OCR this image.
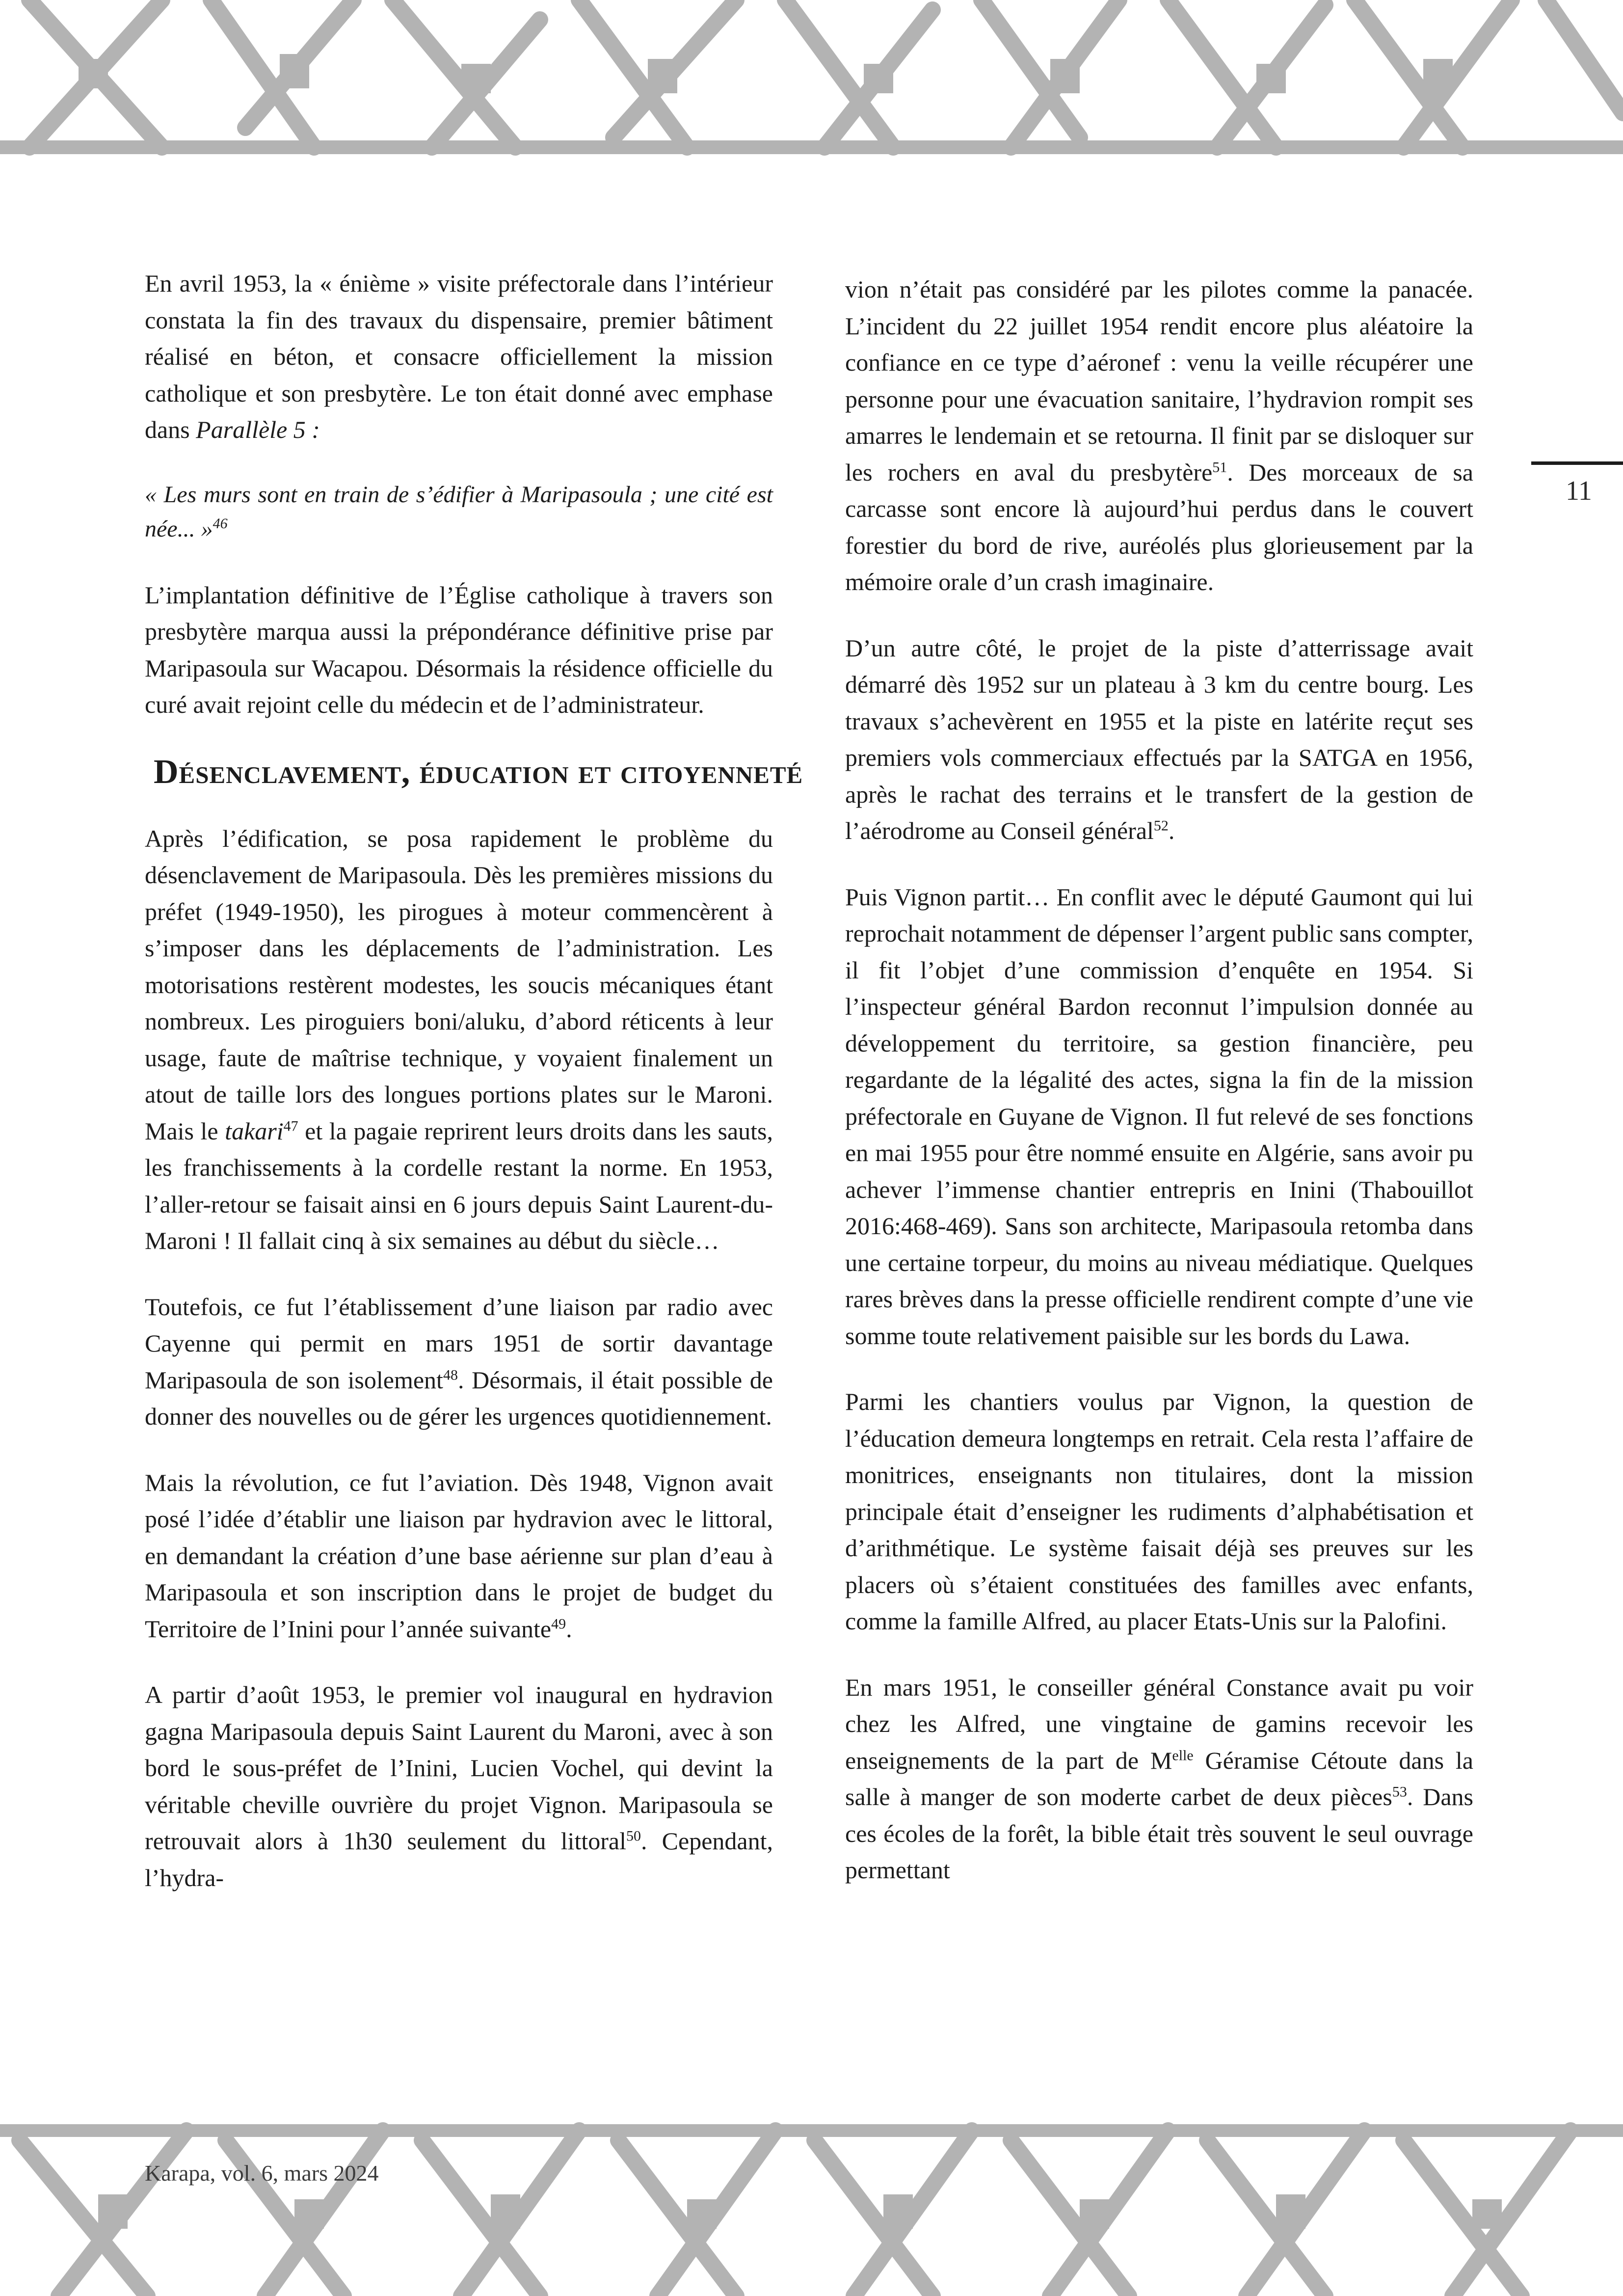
11

En avril 1953, la « énième » visite préfectorale dans l’intérieur constata la fin des travaux du dispensaire, premier bâtiment réalisé en béton, et consacre officiellement la mission catholique et son presbytère. Le ton était donné avec emphase dans Parallèle 5 :

« Les murs sont en train de s’édifier à Maripasoula ; une cité est née... »$^{46}$

L’implantation définitive de l’Église catholique à travers son presbytère marqua aussi la prépondérance définitive prise par Maripasoula sur Wacapou. Désormais la résidence officielle du curé avait rejoint celle du médecin et de l’administrateur.

Désenclavement, éducation et citoyenneté

Après l’édification, se posa rapidement le problème du désenclavement de Maripasoula. Dès les premières missions du préfet (1949-1950), les pirogues à moteur commencèrent à s’imposer dans les déplacements de l’administration. Les motorisations restèrent modestes, les soucis mécaniques étant nombreux. Les piroguiers boni/aluku, d’abord réticents à leur usage, faute de maîtrise technique, y voyaient finalement un atout de taille lors des longues portions plates sur le Maroni. Mais le takari$^{47}$ et la pagaie reprirent leurs droits dans les sauts, les franchissements à la cordelle restant la norme. En 1953, l’aller-retour se faisait ainsi en 6 jours depuis Saint Laurent-du-Maroni ! Il fallait cinq à six semaines au début du siècle…

Toutefois, ce fut l’établissement d’une liaison par radio avec Cayenne qui permit en mars 1951 de sortir davantage Maripasoula de son isolement$^{48}$. Désormais, il était possible de donner des nouvelles ou de gérer les urgences quotidiennement.

Mais la révolution, ce fut l’aviation. Dès 1948, Vignon avait posé l’idée d’établir une liaison par hydravion avec le littoral, en demandant la création d’une base aérienne sur plan d’eau à Maripasoula et son inscription dans le projet de budget du Territoire de l’Inini pour l’année suivante$^{49}$.

A partir d’août 1953, le premier vol inaugural en hydravion gagna Maripasoula depuis Saint Laurent du Maroni, avec à son bord le sous-préfet de l’Inini, Lucien Vochel, qui devint la véritable cheville ouvrière du projet Vignon. Maripasoula se retrouvait alors à 1h30 seulement du littoral$^{50}$. Cependant, l’hydra-

vion n’était pas considéré par les pilotes comme la panacée. L’incident du 22 juillet 1954 rendit encore plus aléatoire la confiance en ce type d’aéronef : venu la veille récupérer une personne pour une évacuation sanitaire, l’hydravion rompit ses amarres le lendemain et se retourna. Il finit par se disloquer sur les rochers en aval du presbytère$^{51}$. Des morceaux de sa carcasse sont encore là aujourd’hui perdus dans le couvert forestier du bord de rive, auréolés plus glorieusement par la mémoire orale d’un crash imaginaire.

D’un autre côté, le projet de la piste d’atterrissage avait démarré dès 1952 sur un plateau à 3 km du centre bourg. Les travaux s’achevèrent en 1955 et la piste en latérite reçut ses premiers vols commerciaux effectués par la SATGA en 1956, après le rachat des terrains et le transfert de la gestion de l’aérodrome au Conseil général$^{52}$.

Puis Vignon partit… En conflit avec le député Gaumont qui lui reprochait notamment de dépenser l’argent public sans compter, il fit l’objet d’une commission d’enquête en 1954. Si l’inspecteur général Bardon reconnut l’impulsion donnée au développement du territoire, sa gestion financière, peu regardante de la légalité des actes, signa la fin de la mission préfectorale en Guyane de Vignon. Il fut relevé de ses fonctions en mai 1955 pour être nommé ensuite en Algérie, sans avoir pu achever l’immense chantier entrepris en Inini (Thabouillot 2016:468-469). Sans son architecte, Maripasoula retomba dans une certaine torpeur, du moins au niveau médiatique. Quelques rares brèves dans la presse officielle rendirent compte d’une vie somme toute relativement paisible sur les bords du Lawa.

Parmi les chantiers voulus par Vignon, la question de l’éducation demeura longtemps en retrait. Cela resta l’affaire de monitrices, enseignants non titulaires, dont la mission principale était d’enseigner les rudiments d’alphabétisation et d’arithmétique. Le système faisait déjà ses preuves sur les placers où s’étaient constituées des familles avec enfants, comme la famille Alfred, au placer Etats-Unis sur la Palofini.

En mars 1951, le conseiller général Constance avait pu voir chez les Alfred, une vingtaine de gamins recevoir les enseignements de la part de $M^{elle}$ Géramise Cétoute dans la salle à manger de son moderte carbet de deux pièces$^{53}$. Dans ces écoles de la forêt, la bible était très souvent le seul ouvrage permettant

Karapa, vol. 6, mars 2024
